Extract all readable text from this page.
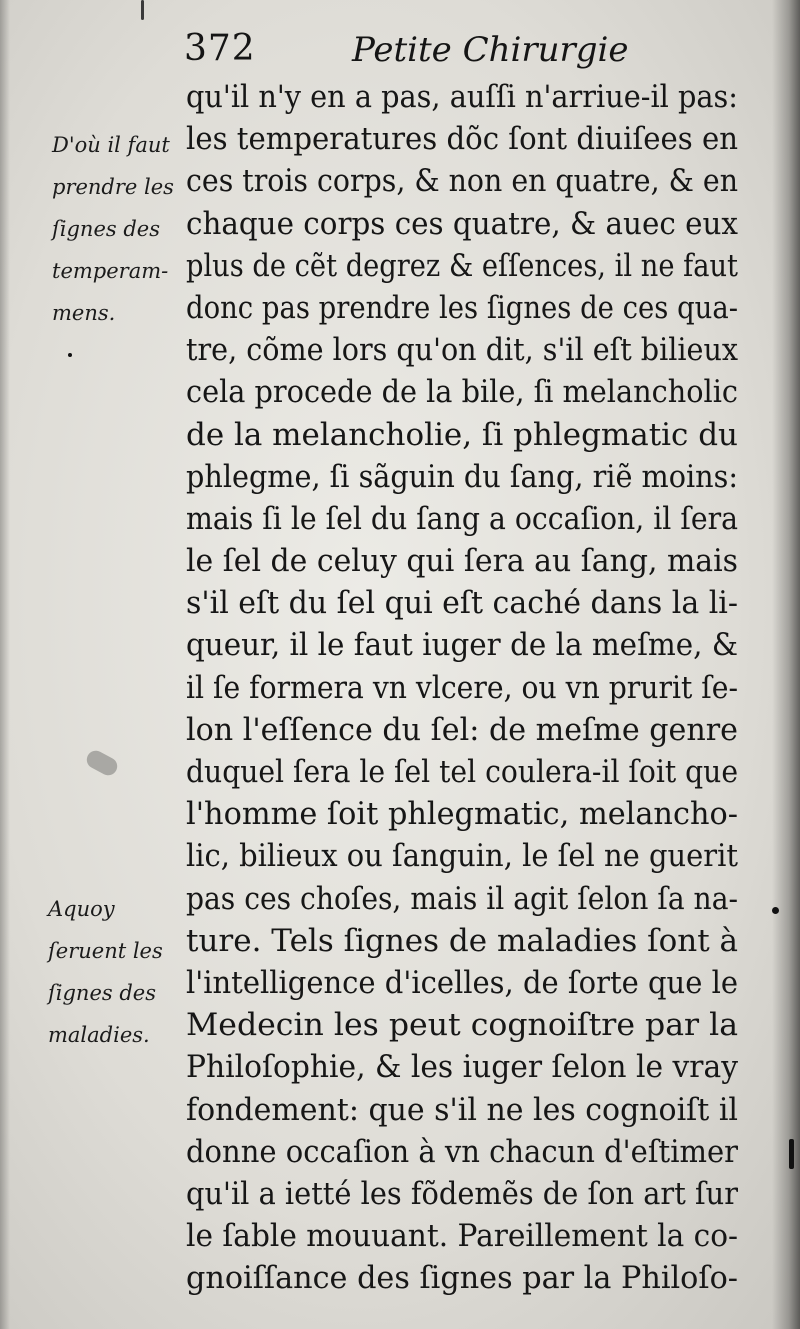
372	Petite Chirurgie
D'où il faut
prendre les
ſignes des
temperam-
mens.
Aquoy
ſeruent les
ſignes des
maladies.
qu'il n'y en a pas, auſſi n'arriue-il pas:
les temperatures dõc ſont diuiſees en
ces trois corps, & non en quatre, & en
chaque corps ces quatre, & auec eux
plus de cẽt degrez & eſſences, il ne faut
donc pas prendre les ſignes de ces qua-
tre, cõme lors qu'on dit, s'il eſt bilieux
cela procede de la bile, ſi melancholic
de la melancholie, ſi phlegmatic du
phlegme, ſi sãguin du ſang, riẽ moins:
mais ſi le ſel du ſang a occaſion, il ſera
le ſel de celuy qui ſera au ſang, mais
s'il eſt du ſel qui eſt caché dans la li-
queur, il le faut iuger de la meſme, &
il ſe formera vn vlcere, ou vn prurit ſe-
lon l'eſſence du ſel: de meſme genre
duquel ſera le ſel tel coulera-il ſoit que
l'homme ſoit phlegmatic, melancho-
lic, bilieux ou ſanguin, le ſel ne guerit
pas ces choſes, mais il agit ſelon ſa na-
ture. Tels ſignes de maladies ſont à
l'intelligence d'icelles, de ſorte que le
Medecin les peut cognoiſtre par la
Philoſophie, & les iuger ſelon le vray
fondement: que s'il ne les cognoiſt il
donne occaſion à vn chacun d'eſtimer
qu'il a ietté les fõdemẽs de ſon art ſur
le ſable mouuant. Pareillement la co-
gnoiſſance des ſignes par la Philoſo-
